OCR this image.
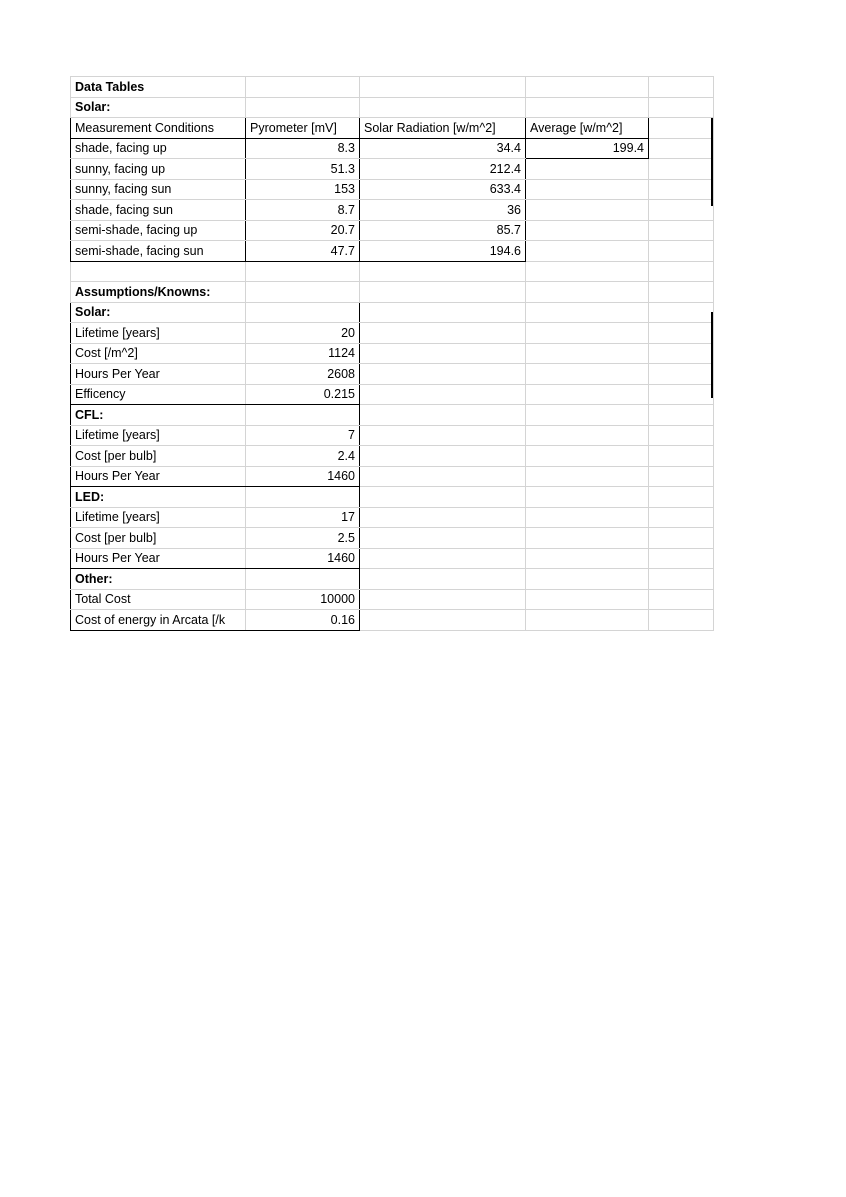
Data Tables				
Solar:				
Measurement Conditions	Pyrometer [mV]	Solar Radiation [w/m^2]	Average [w/m^2]	
shade, facing up	8.3	34.4	199.4	
sunny, facing up	51.3	212.4		
sunny, facing sun	153	633.4		
shade, facing sun	8.7	36		
semi-shade, facing up	20.7	85.7		
semi-shade, facing sun	47.7	194.6		

Assumptions/Knowns:				
Solar:				
Lifetime [years]	20			
Cost [/m^2]	1124			
Hours Per Year	2608			
Efficency	0.215			
CFL:				
Lifetime [years]	7			
Cost [per bulb]	2.4			
Hours Per Year	1460			
LED:				
Lifetime [years]	17			
Cost [per bulb]	2.5			
Hours Per Year	1460			
Other:				
Total Cost	10000			
Cost of energy in Arcata [/k	0.16			
